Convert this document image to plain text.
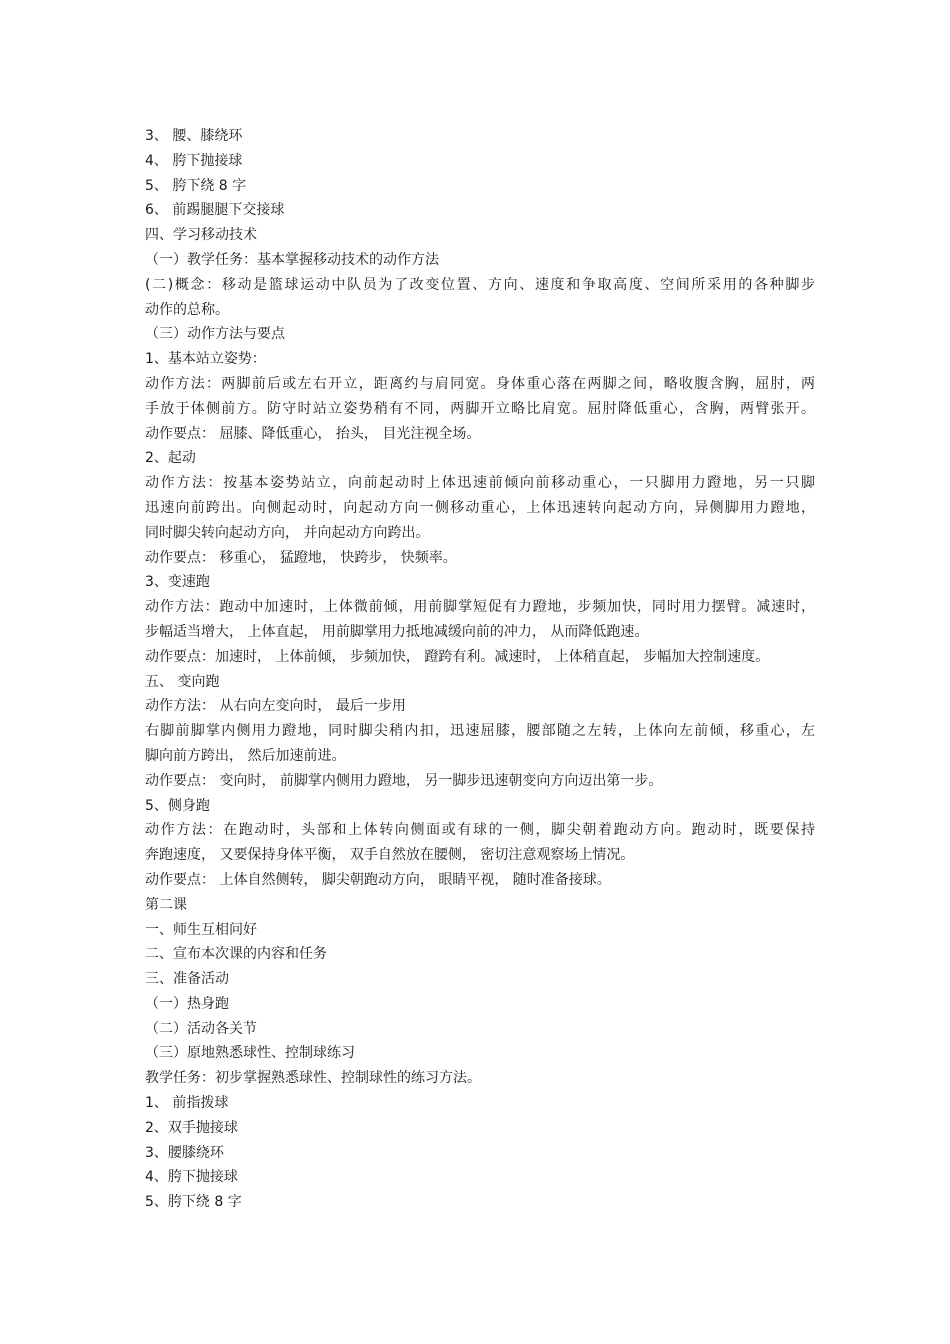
3、 腰、膝绕环
4、 胯下抛接球
5、 胯下绕 8 字
6、 前踢腿腿下交接球
四、学习移动技术
（一）教学任务：基本掌握移动技术的动作方法
(二)概念：移动是篮球运动中队员为了改变位置、方向、速度和争取高度、空间所采用的各种脚步
动作的总称。
（三）动作方法与要点
1、基本站立姿势：
动作方法：两脚前后或左右开立，距离约与肩同宽。身体重心落在两脚之间，略收腹含胸，屈肘，两
手放于体侧前方。防守时站立姿势稍有不同，两脚开立略比肩宽。屈肘降低重心，含胸，两臂张开。
动作要点： 屈膝、降低重心， 抬头， 目光注视全场。
2、起动
动作方法：按基本姿势站立，向前起动时上体迅速前倾向前移动重心，一只脚用力蹬地，另一只脚
迅速向前跨出。向侧起动时，向起动方向一侧移动重心，上体迅速转向起动方向，异侧脚用力蹬地，
同时脚尖转向起动方向， 并向起动方向跨出。
动作要点： 移重心， 猛蹬地， 快跨步， 快频率。
3、变速跑
动作方法：跑动中加速时，上体微前倾，用前脚掌短促有力蹬地，步频加快，同时用力摆臂。减速时，
步幅适当增大， 上体直起， 用前脚掌用力抵地减缓向前的冲力， 从而降低跑速。
动作要点：加速时， 上体前倾， 步频加快， 蹬跨有利。减速时， 上体稍直起， 步幅加大控制速度。
五、 变向跑
动作方法： 从右向左变向时， 最后一步用
右脚前脚掌内侧用力蹬地，同时脚尖稍内扣，迅速屈膝，腰部随之左转，上体向左前倾，移重心，左
脚向前方跨出， 然后加速前进。
动作要点： 变向时， 前脚掌内侧用力蹬地， 另一脚步迅速朝变向方向迈出第一步。
5、侧身跑
动作方法：在跑动时，头部和上体转向侧面或有球的一侧，脚尖朝着跑动方向。跑动时，既要保持
奔跑速度， 又要保持身体平衡， 双手自然放在腰侧， 密切注意观察场上情况。
动作要点： 上体自然侧转， 脚尖朝跑动方向， 眼睛平视， 随时准备接球。
第二课
一、师生互相问好
二、宣布本次课的内容和任务
三、准备活动
（一）热身跑
（二）活动各关节
（三）原地熟悉球性、控制球练习
教学任务：初步掌握熟悉球性、控制球性的练习方法。
1、 前指拨球
2、双手抛接球
3、腰膝绕环
4、胯下抛接球
5、胯下绕 8 字
